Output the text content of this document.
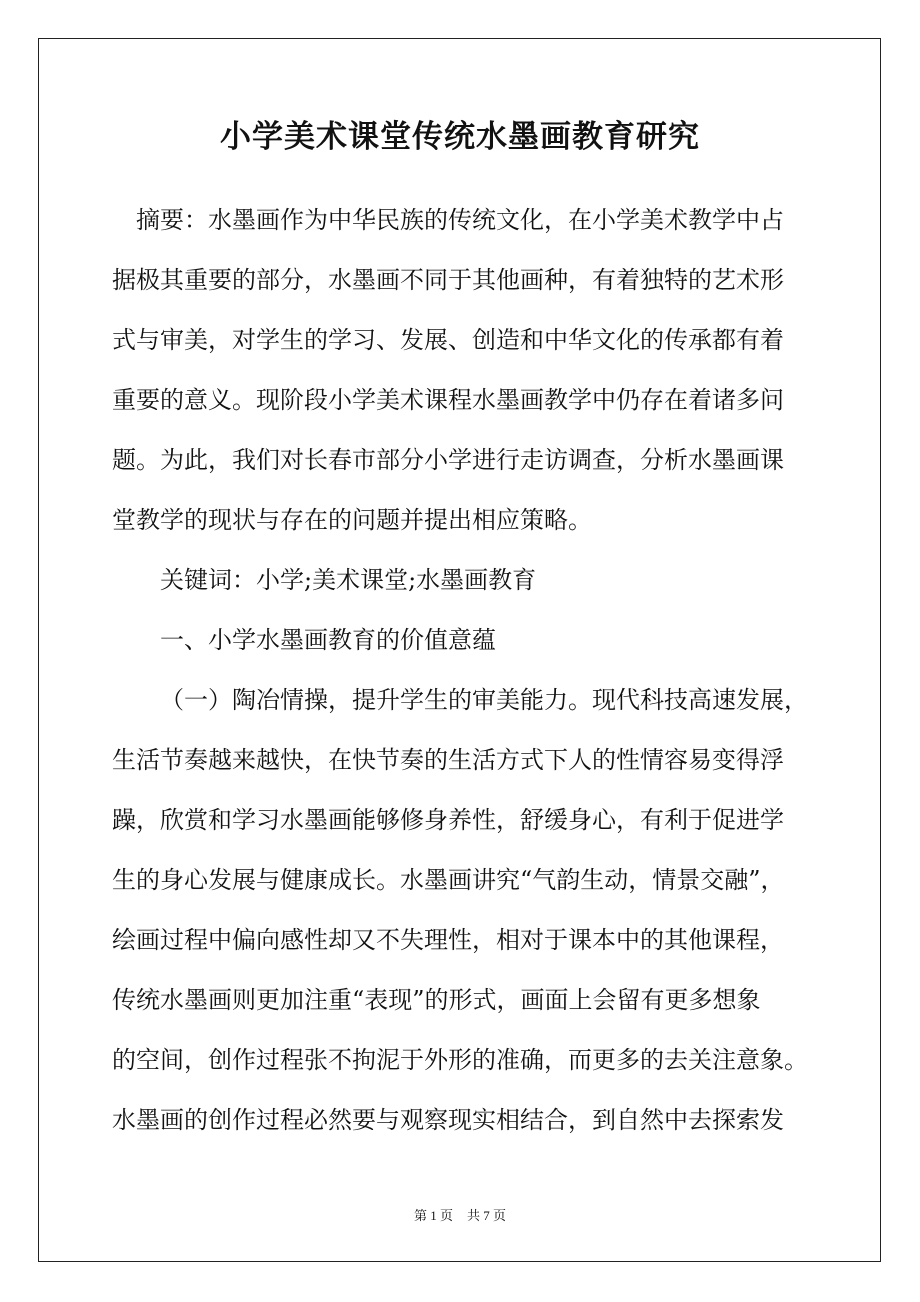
小学美术课堂传统水墨画教育研究
摘要：水墨画作为中华民族的传统文化，在小学美术教学中占
据极其重要的部分，水墨画不同于其他画种，有着独特的艺术形
式与审美，对学生的学习、发展、创造和中华文化的传承都有着
重要的意义。现阶段小学美术课程水墨画教学中仍存在着诸多问
题。为此，我们对长春市部分小学进行走访调查，分析水墨画课
堂教学的现状与存在的问题并提出相应策略。
关键词：小学;美术课堂;水墨画教育
一、小学水墨画教育的价值意蕴
（一）陶冶情操，提升学生的审美能力。现代科技高速发展，
生活节奏越来越快，在快节奏的生活方式下人的性情容易变得浮
躁，欣赏和学习水墨画能够修身养性，舒缓身心，有利于促进学
生的身心发展与健康成长。水墨画讲究“气韵生动，情景交融”，
绘画过程中偏向感性却又不失理性，相对于课本中的其他课程，
传统水墨画则更加注重“表现”的形式，画面上会留有更多想象
的空间，创作过程张不拘泥于外形的准确，而更多的去关注意象。
水墨画的创作过程必然要与观察现实相结合，到自然中去探索发
第 1 页 共 7 页
